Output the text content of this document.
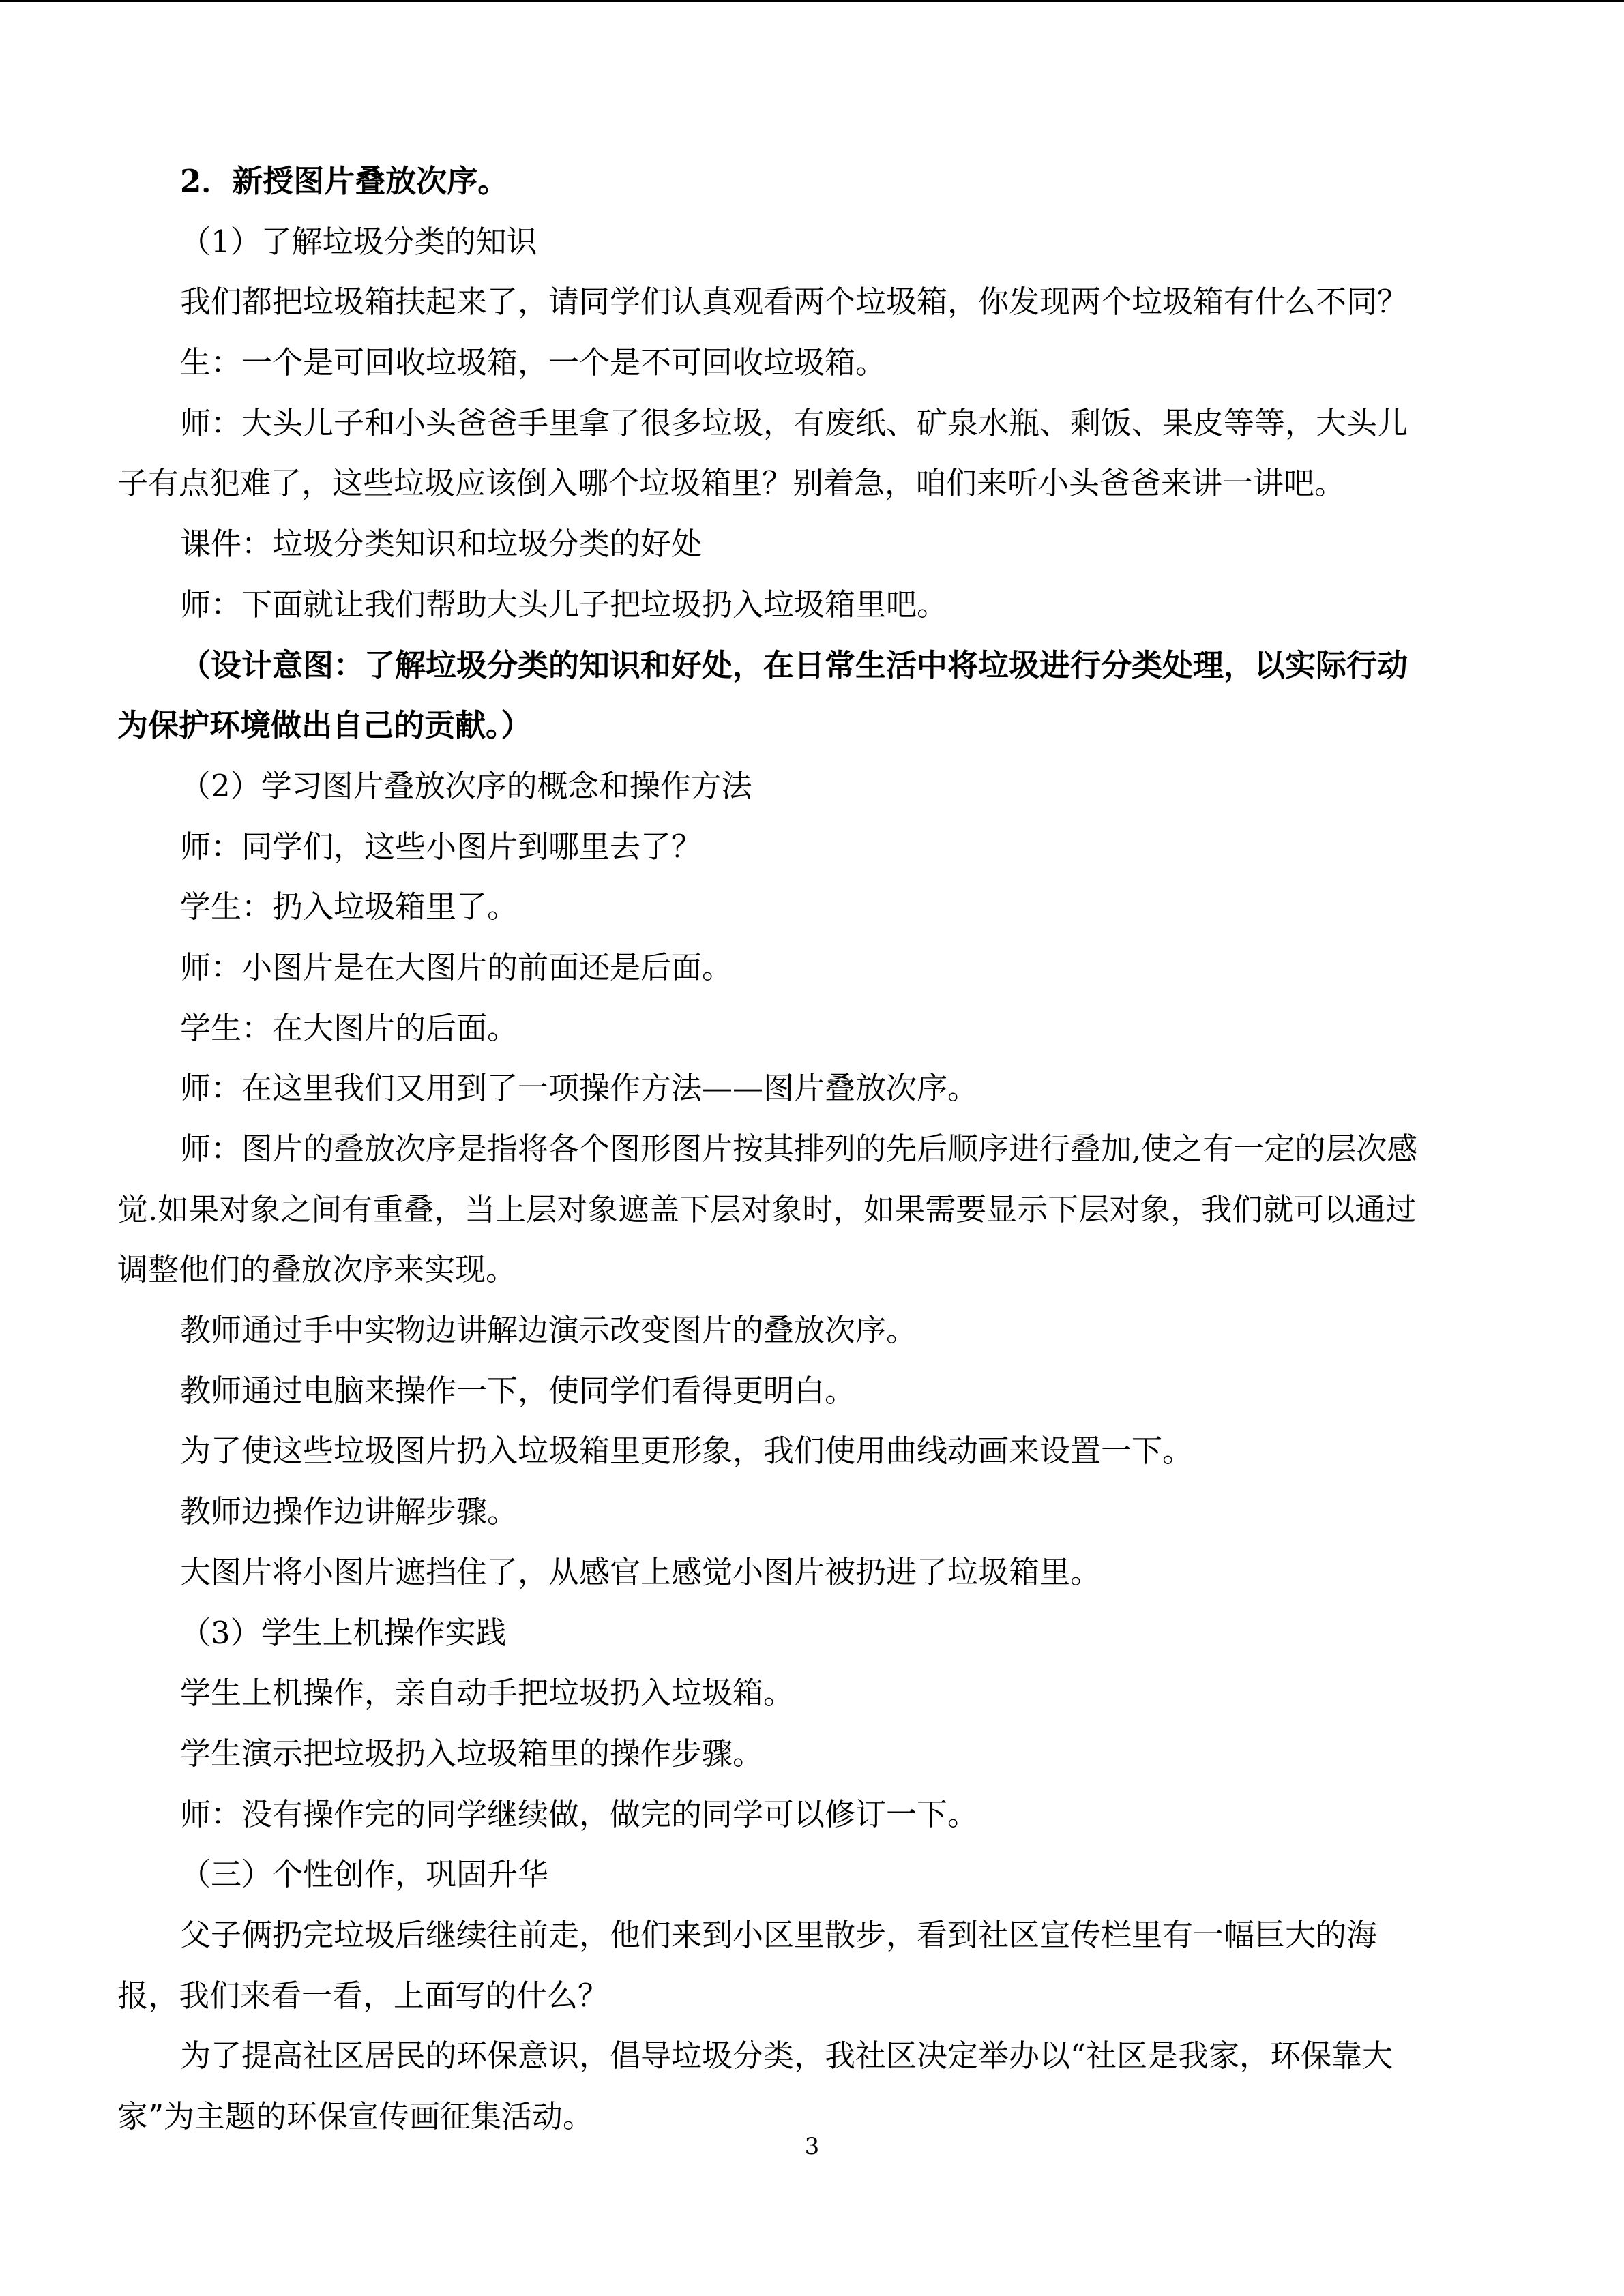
2．新授图片叠放次序。
（1）了解垃圾分类的知识
我们都把垃圾箱扶起来了，请同学们认真观看两个垃圾箱，你发现两个垃圾箱有什么不同？
生：一个是可回收垃圾箱，一个是不可回收垃圾箱。
师：大头儿子和小头爸爸手里拿了很多垃圾，有废纸、矿泉水瓶、剩饭、果皮等等，大头儿
子有点犯难了，这些垃圾应该倒入哪个垃圾箱里？别着急，咱们来听小头爸爸来讲一讲吧。
课件：垃圾分类知识和垃圾分类的好处
师：下面就让我们帮助大头儿子把垃圾扔入垃圾箱里吧。
（设计意图：了解垃圾分类的知识和好处，在日常生活中将垃圾进行分类处理，以实际行动
为保护环境做出自己的贡献。）
（2）学习图片叠放次序的概念和操作方法
师：同学们，这些小图片到哪里去了？
学生：扔入垃圾箱里了。
师：小图片是在大图片的前面还是后面。
学生：在大图片的后面。
师：在这里我们又用到了一项操作方法——图片叠放次序。
师：图片的叠放次序是指将各个图形图片按其排列的先后顺序进行叠加,使之有一定的层次感
觉.如果对象之间有重叠，当上层对象遮盖下层对象时，如果需要显示下层对象，我们就可以通过
调整他们的叠放次序来实现。
教师通过手中实物边讲解边演示改变图片的叠放次序。
教师通过电脑来操作一下，使同学们看得更明白。
为了使这些垃圾图片扔入垃圾箱里更形象，我们使用曲线动画来设置一下。
教师边操作边讲解步骤。
大图片将小图片遮挡住了，从感官上感觉小图片被扔进了垃圾箱里。
（3）学生上机操作实践
学生上机操作，亲自动手把垃圾扔入垃圾箱。
学生演示把垃圾扔入垃圾箱里的操作步骤。
师：没有操作完的同学继续做，做完的同学可以修订一下。
（三）个性创作，巩固升华
父子俩扔完垃圾后继续往前走，他们来到小区里散步，看到社区宣传栏里有一幅巨大的海
报，我们来看一看，上面写的什么？
为了提高社区居民的环保意识，倡导垃圾分类，我社区决定举办以“社区是我家，环保靠大
家”为主题的环保宣传画征集活动。
3
